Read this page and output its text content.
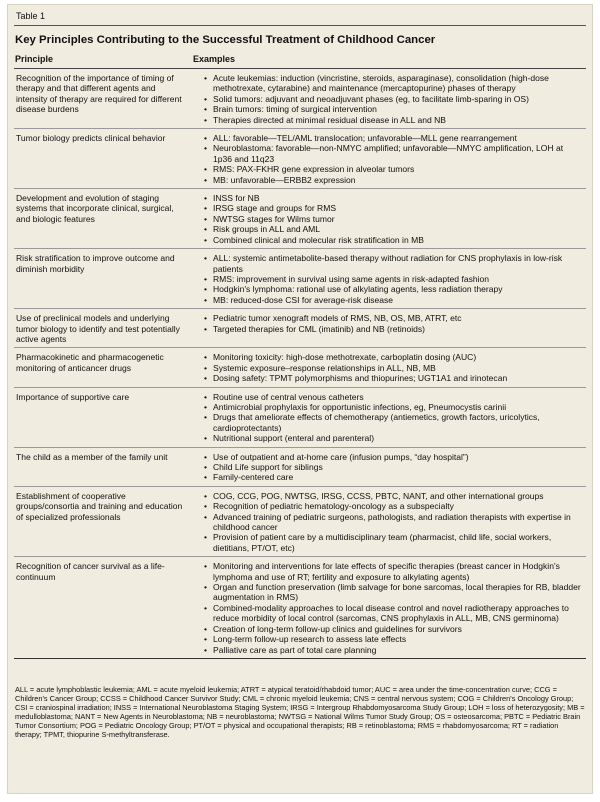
Table 1
Key Principles Contributing to the Successful Treatment of Childhood Cancer
Principle	Examples
Recognition of the importance of timing of therapy and that different agents and intensity of therapy are required for different disease burdens
• Acute leukemias: induction (vincristine, steroids, asparaginase), consolidation (high-dose methotrexate, cytarabine) and maintenance (mercaptopurine) phases of therapy
• Solid tumors: adjuvant and neoadjuvant phases (eg, to facilitate limb-sparing in OS)
• Brain tumors: timing of surgical intervention
• Therapies directed at minimal residual disease in ALL and NB
Tumor biology predicts clinical behavior	• ALL: favorable—TEL/AML translocation; unfavorable—MLL gene rearrangement
• Neuroblastoma: favorable—non-NMYC amplified; unfavorable—NMYC amplification, LOH at 1p36 and 11q23
• RMS: PAX-FKHR gene expression in alveolar tumors
• MB: unfavorable—ERBB2 expression
Development and evolution of staging systems that incorporate clinical, surgical, and biologic features
• INSS for NB
• IRSG stage and groups for RMS
• NWTSG stages for Wilms tumor
• Risk groups in ALL and AML
• Combined clinical and molecular risk stratification in MB
Risk stratification to improve outcome and diminish morbidity
• ALL: systemic antimetabolite-based therapy without radiation for CNS prophylaxis in low-risk patients
• RMS: improvement in survival using same agents in risk-adapted fashion
• Hodgkin's lymphoma: rational use of alkylating agents, less radiation therapy
• MB: reduced-dose CSI for average-risk disease
Use of preclinical models and underlying tumor biology to identify and test potentially active agents
• Pediatric tumor xenograft models of RMS, NB, OS, MB, ATRT, etc
• Targeted therapies for CML (imatinib) and NB (retinoids)
Pharmacokinetic and pharmacogenetic monitoring of anticancer drugs
• Monitoring toxicity: high-dose methotrexate, carboplatin dosing (AUC)
• Systemic exposure–response relationships in ALL, NB, MB
• Dosing safety: TPMT polymorphisms and thiopurines; UGT1A1 and irinotecan
Importance of supportive care	• Routine use of central venous catheters
• Antimicrobial prophylaxis for opportunistic infections, eg, Pneumocystis carinii
• Drugs that ameliorate effects of chemotherapy (antiemetics, growth factors, uricolytics, cardioprotectants)
• Nutritional support (enteral and parenteral)
The child as a member of the family unit	• Use of outpatient and at-home care (infusion pumps, “day hospital”)
• Child Life support for siblings
• Family-centered care
Establishment of cooperative groups/consortia and training and education of specialized professionals
• COG, CCG, POG, NWTSG, IRSG, CCSS, PBTC, NANT, and other international groups
• Recognition of pediatric hematology-oncology as a subspecialty
• Advanced training of pediatric surgeons, pathologists, and radiation therapists with expertise in childhood cancer
• Provision of patient care by a multidisciplinary team (pharmacist, child life, social workers, dietitians, PT/OT, etc)
Recognition of cancer survival as a life-continuum
• Monitoring and interventions for late effects of specific therapies (breast cancer in Hodgkin's lymphoma and use of RT; fertility and exposure to alkylating agents)
• Organ and function preservation (limb salvage for bone sarcomas, local therapies for RB, bladder augmentation in RMS)
• Combined-modality approaches to local disease control and novel radiotherapy approaches to reduce morbidity of local control (sarcomas, CNS prophylaxis in ALL, MB, CNS germinoma)
• Creation of long-term follow-up clinics and guidelines for survivors
• Long-term follow-up research to assess late effects
• Palliative care as part of total care planning
ALL = acute lymphoblastic leukemia; AML = acute myeloid leukemia; ATRT = atypical teratoid/rhabdoid tumor; AUC = area under the time-concentration curve; CCG = Children's Cancer Group; CCSS = Childhood Cancer Survivor Study; CML = chronic myeloid leukemia; CNS = central nervous system; COG = Children's Oncology Group; CSI = craniospinal irradiation; INSS = International Neuroblastoma Staging System; IRSG = Intergroup Rhabdomyosarcoma Study Group; LOH = loss of heterozygosity; MB = medulloblastoma; NANT = New Agents in Neuroblastoma; NB = neuroblastoma; NWTSG = National Wilms Tumor Study Group; OS = osteosarcoma; PBTC = Pediatric Brain Tumor Consortium; POG = Pediatric Oncology Group; PT/OT = physical and occupational therapists; RB = retinoblastoma; RMS = rhabdomyosarcoma; RT = radiation therapy; TPMT, thiopurine S-methyltransferase.
